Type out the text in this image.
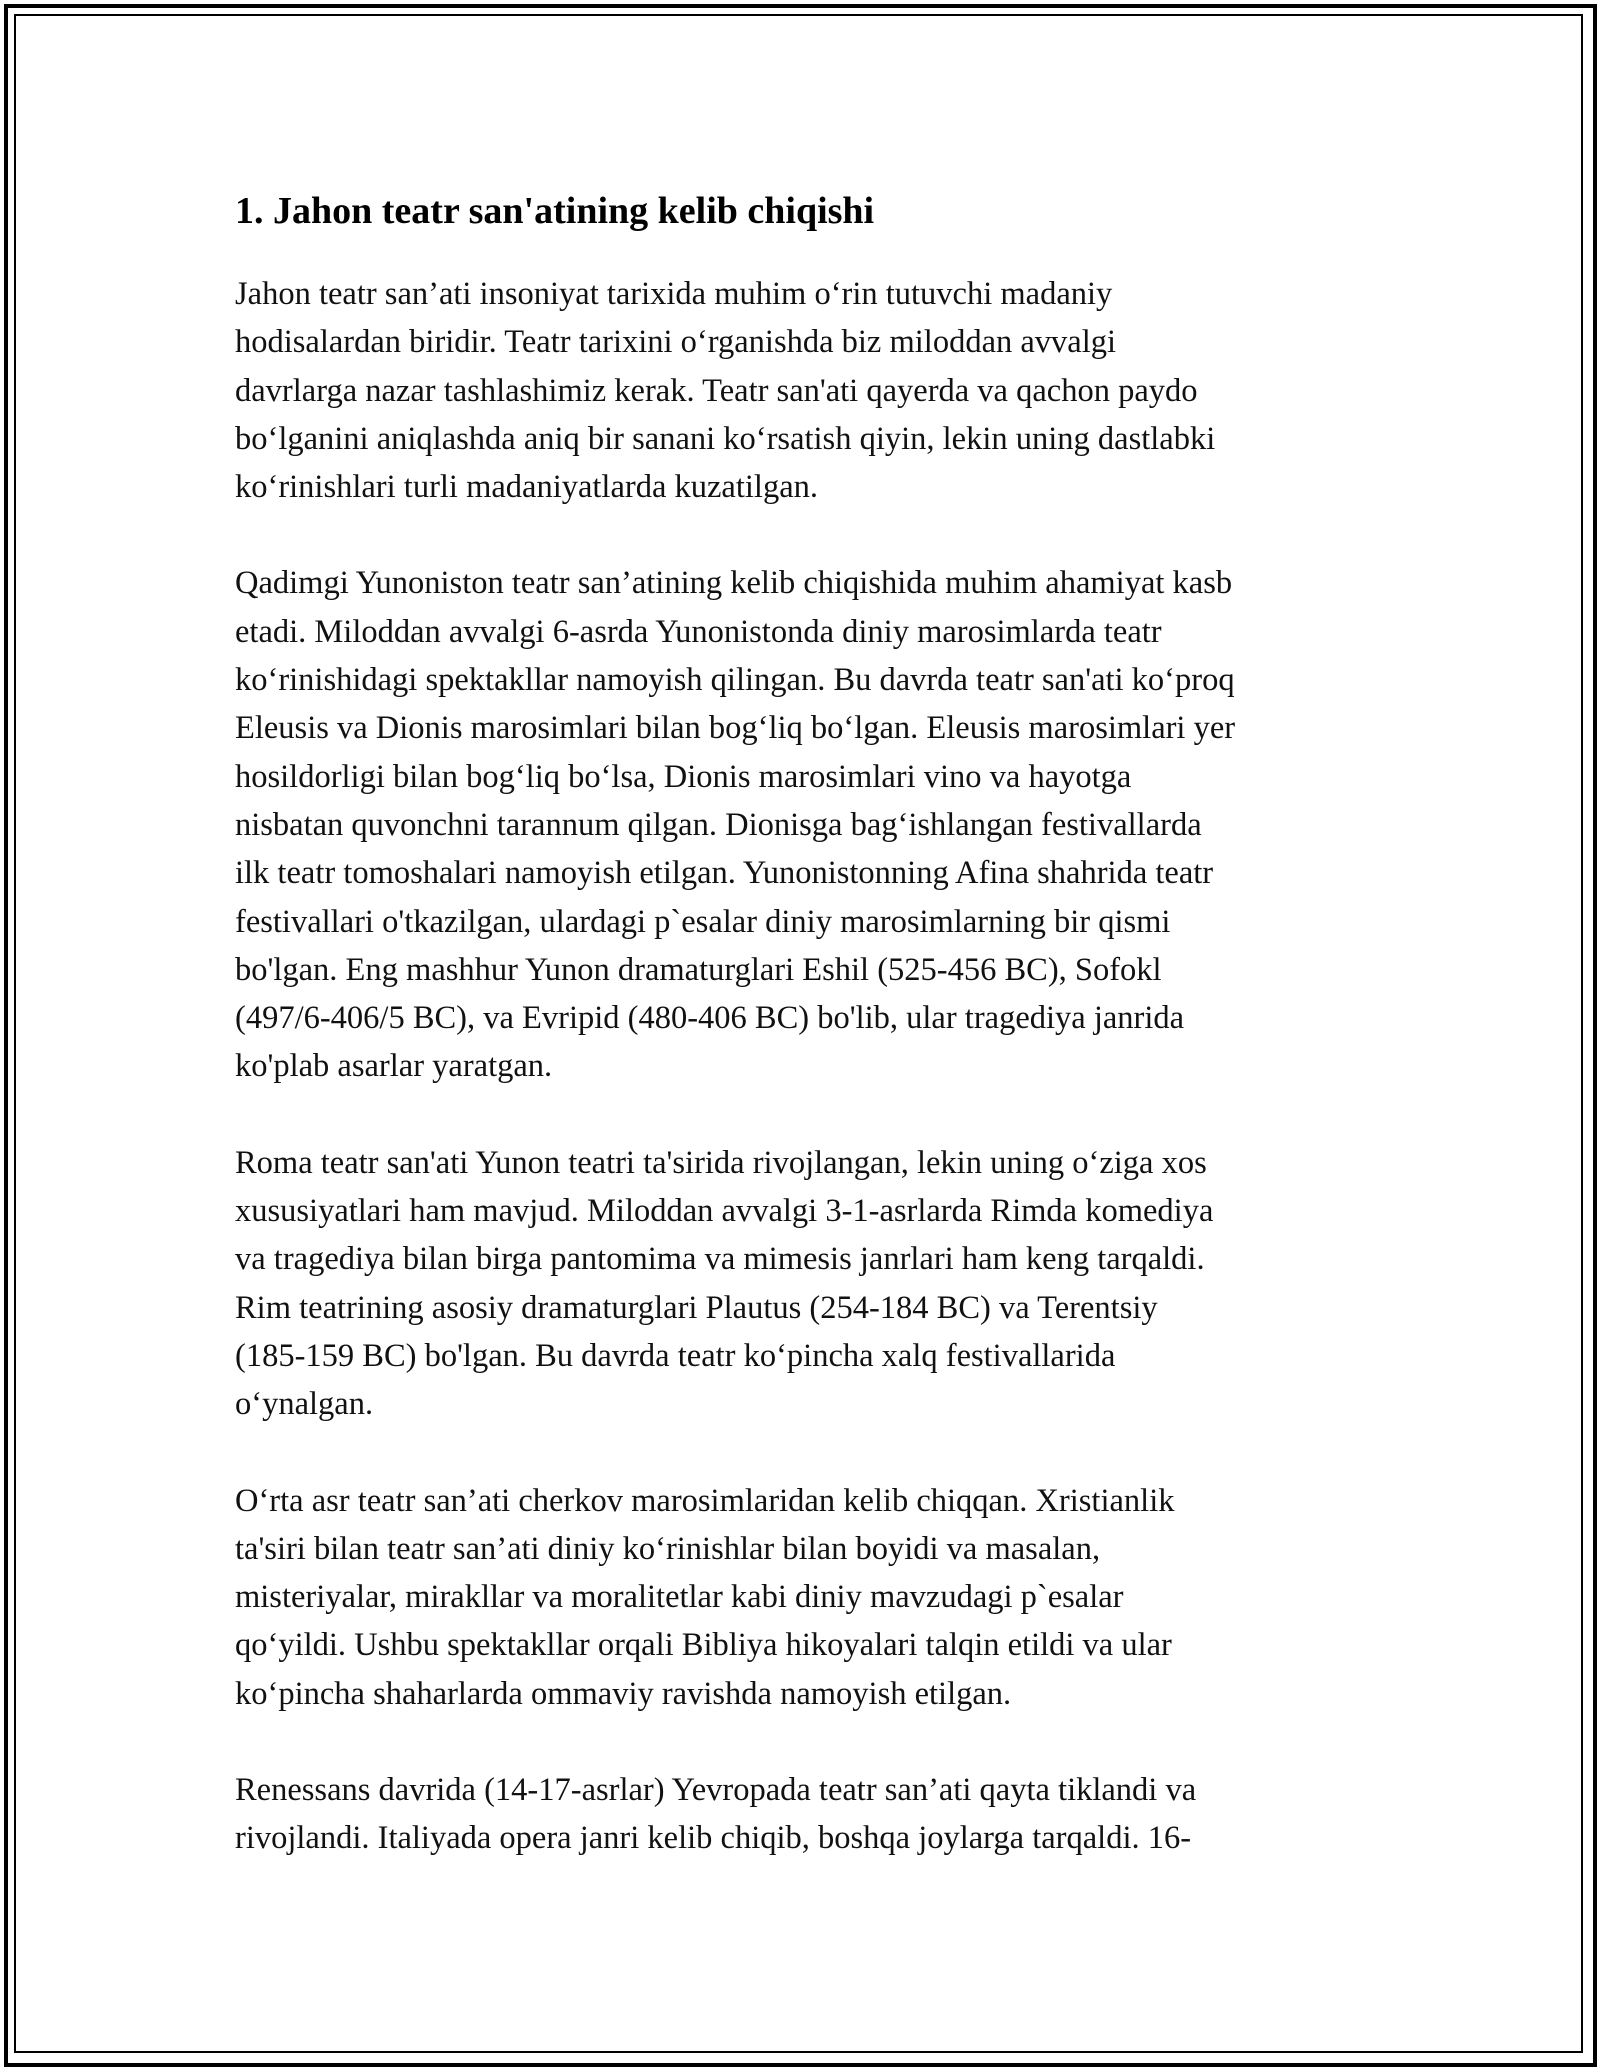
1. Jahon teatr san'atining kelib chiqishi

Jahon teatr san’ati insoniyat tarixida muhim o‘rin tutuvchi madaniy
hodisalardan biridir. Teatr tarixini o‘rganishda biz miloddan avvalgi
davrlarga nazar tashlashimiz kerak. Teatr san'ati qayerda va qachon paydo
bo‘lganini aniqlashda aniq bir sanani ko‘rsatish qiyin, lekin uning dastlabki
ko‘rinishlari turli madaniyatlarda kuzatilgan.

Qadimgi Yunoniston teatr san’atining kelib chiqishida muhim ahamiyat kasb
etadi. Miloddan avvalgi 6-asrda Yunonistonda diniy marosimlarda teatr
ko‘rinishidagi spektakllar namoyish qilingan. Bu davrda teatr san'ati ko‘proq
Eleusis va Dionis marosimlari bilan bog‘liq bo‘lgan. Eleusis marosimlari yer
hosildorligi bilan bog‘liq bo‘lsa, Dionis marosimlari vino va hayotga
nisbatan quvonchni tarannum qilgan. Dionisga bag‘ishlangan festivallarda
ilk teatr tomoshalari namoyish etilgan. Yunonistonning Afina shahrida teatr
festivallari o'tkazilgan, ulardagi p`esalar diniy marosimlarning bir qismi
bo'lgan. Eng mashhur Yunon dramaturglari Eshil (525-456 BC), Sofokl
(497/6-406/5 BC), va Evripid (480-406 BC) bo'lib, ular tragediya janrida
ko'plab asarlar yaratgan.

Roma teatr san'ati Yunon teatri ta'sirida rivojlangan, lekin uning o‘ziga xos
xususiyatlari ham mavjud. Miloddan avvalgi 3-1-asrlarda Rimda komediya
va tragediya bilan birga pantomima va mimesis janrlari ham keng tarqaldi.
Rim teatrining asosiy dramaturglari Plautus (254-184 BC) va Terentsiy
(185-159 BC) bo'lgan. Bu davrda teatr ko‘pincha xalq festivallarida
o‘ynalgan.

O‘rta asr teatr san’ati cherkov marosimlaridan kelib chiqqan. Xristianlik
ta'siri bilan teatr san’ati diniy ko‘rinishlar bilan boyidi va masalan,
misteriyalar, mirakllar va moralitetlar kabi diniy mavzudagi p`esalar
qo‘yildi. Ushbu spektakllar orqali Bibliya hikoyalari talqin etildi va ular
ko‘pincha shaharlarda ommaviy ravishda namoyish etilgan.

Renessans davrida (14-17-asrlar) Yevropada teatr san’ati qayta tiklandi va
rivojlandi. Italiyada opera janri kelib chiqib, boshqa joylarga tarqaldi. 16-
